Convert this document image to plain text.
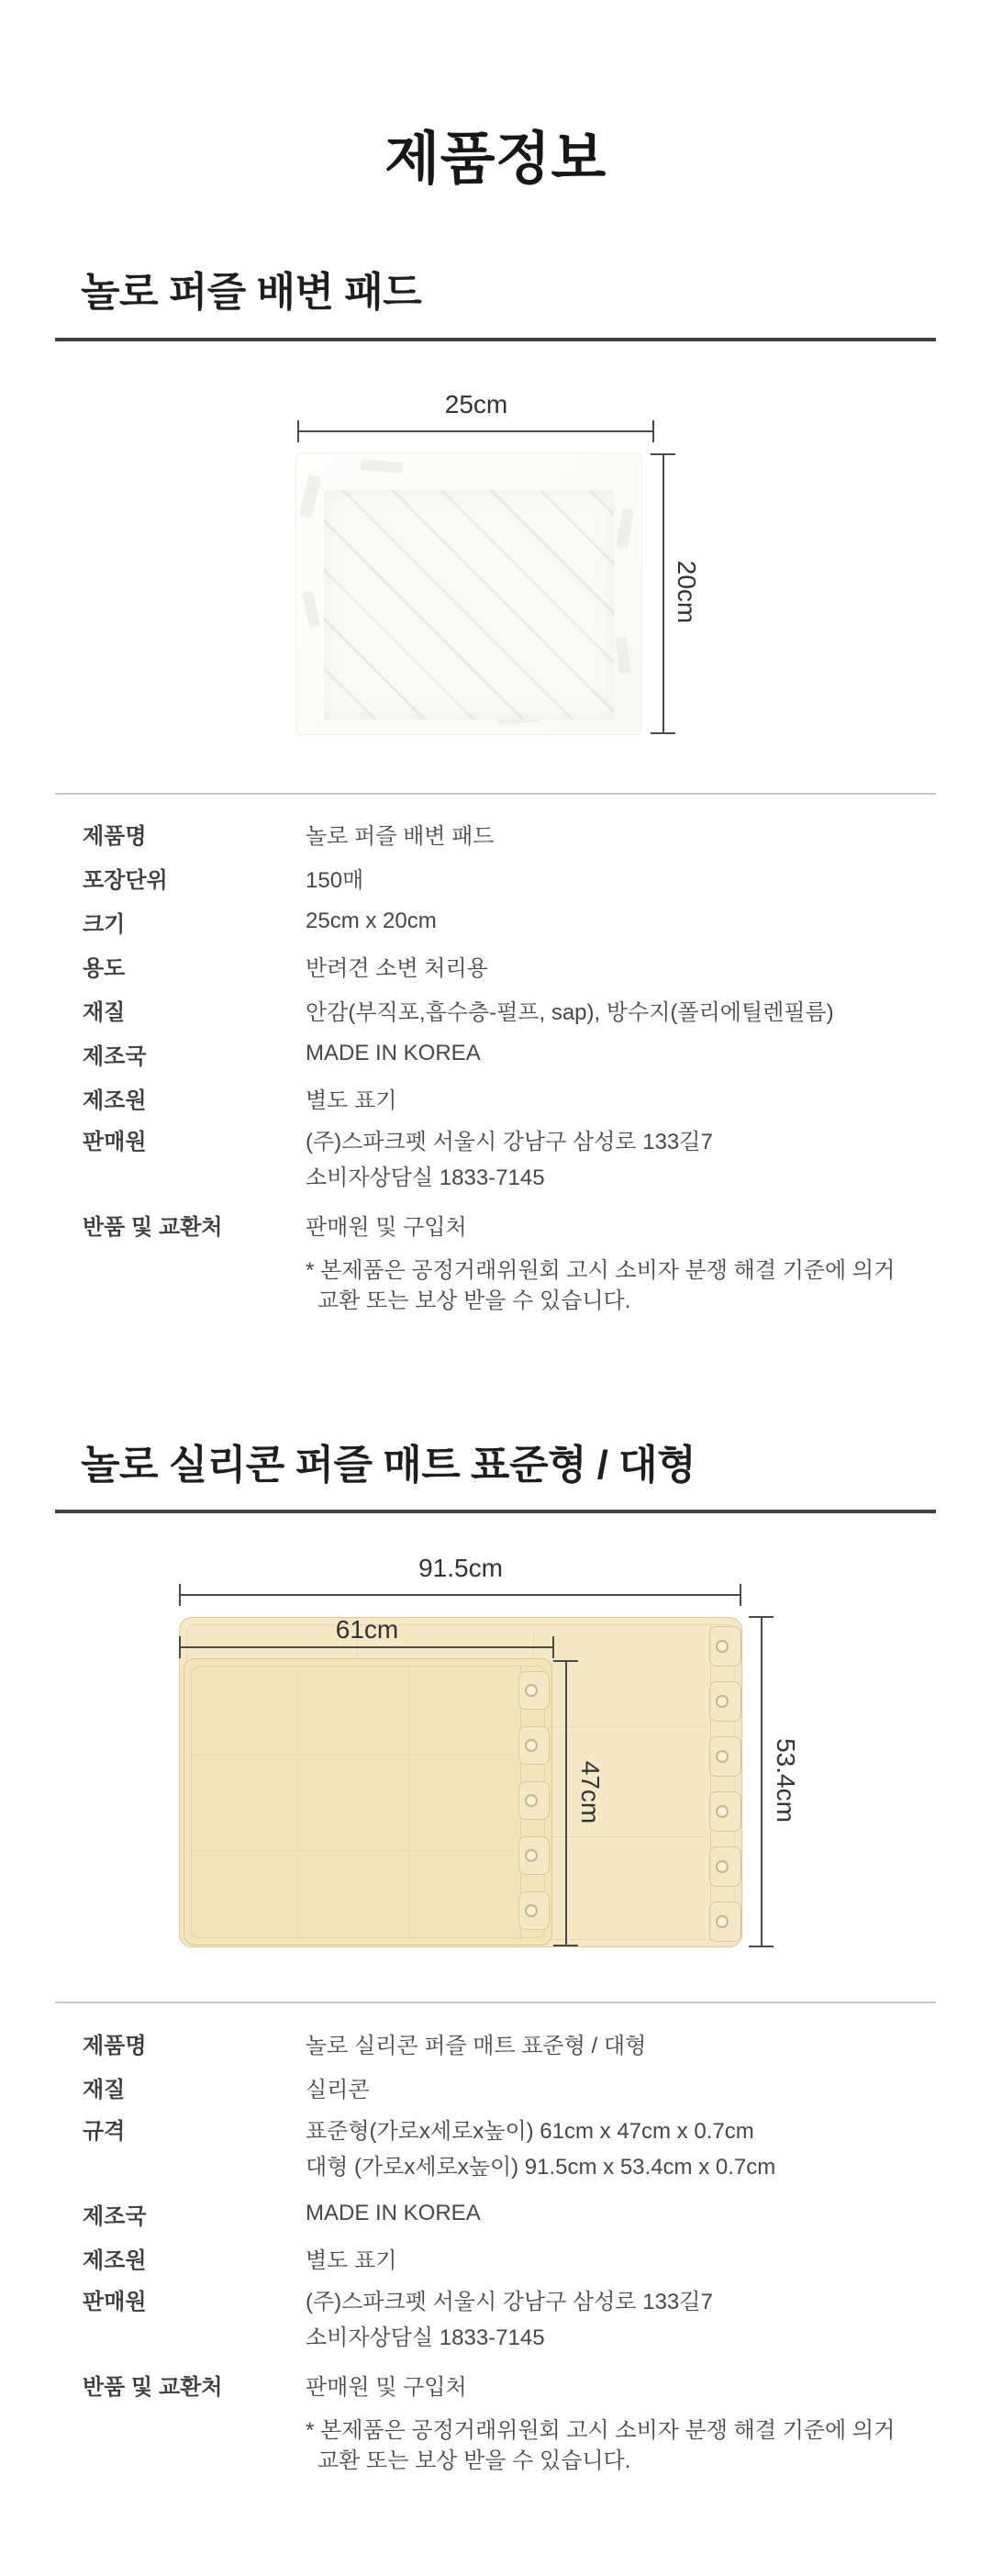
제품정보
놀로 퍼즐 배변 패드
25cm
20cm
제품명	놀로 퍼즐 배변 패드
포장단위	150매
크기	25cm x 20cm
용도	반려견 소변 처리용
재질	안감(부직포,흡수층-펄프, sap), 방수지(폴리에틸렌필름)
제조국	MADE IN KOREA
제조원	별도 표기
판매원	(주)스파크펫 서울시 강남구 삼성로 133길7
소비자상담실 1833-7145
반품 및 교환처	판매원 및 구입처
* 본제품은 공정거래위원회 고시 소비자 분쟁 해결 기준에 의거
교환 또는 보상 받을 수 있습니다.
놀로 실리콘 퍼즐 매트 표준형 / 대형
91.5cm
61cm
47cm	53.4cm
제품명	놀로 실리콘 퍼즐 매트 표준형 / 대형
재질	실리콘
규격	표준형(가로x세로x높이) 61cm x 47cm x 0.7cm
대형 (가로x세로x높이) 91.5cm x 53.4cm x 0.7cm
제조국	MADE IN KOREA
제조원	별도 표기
판매원	(주)스파크펫 서울시 강남구 삼성로 133길7
소비자상담실 1833-7145
반품 및 교환처	판매원 및 구입처
* 본제품은 공정거래위원회 고시 소비자 분쟁 해결 기준에 의거
교환 또는 보상 받을 수 있습니다.
